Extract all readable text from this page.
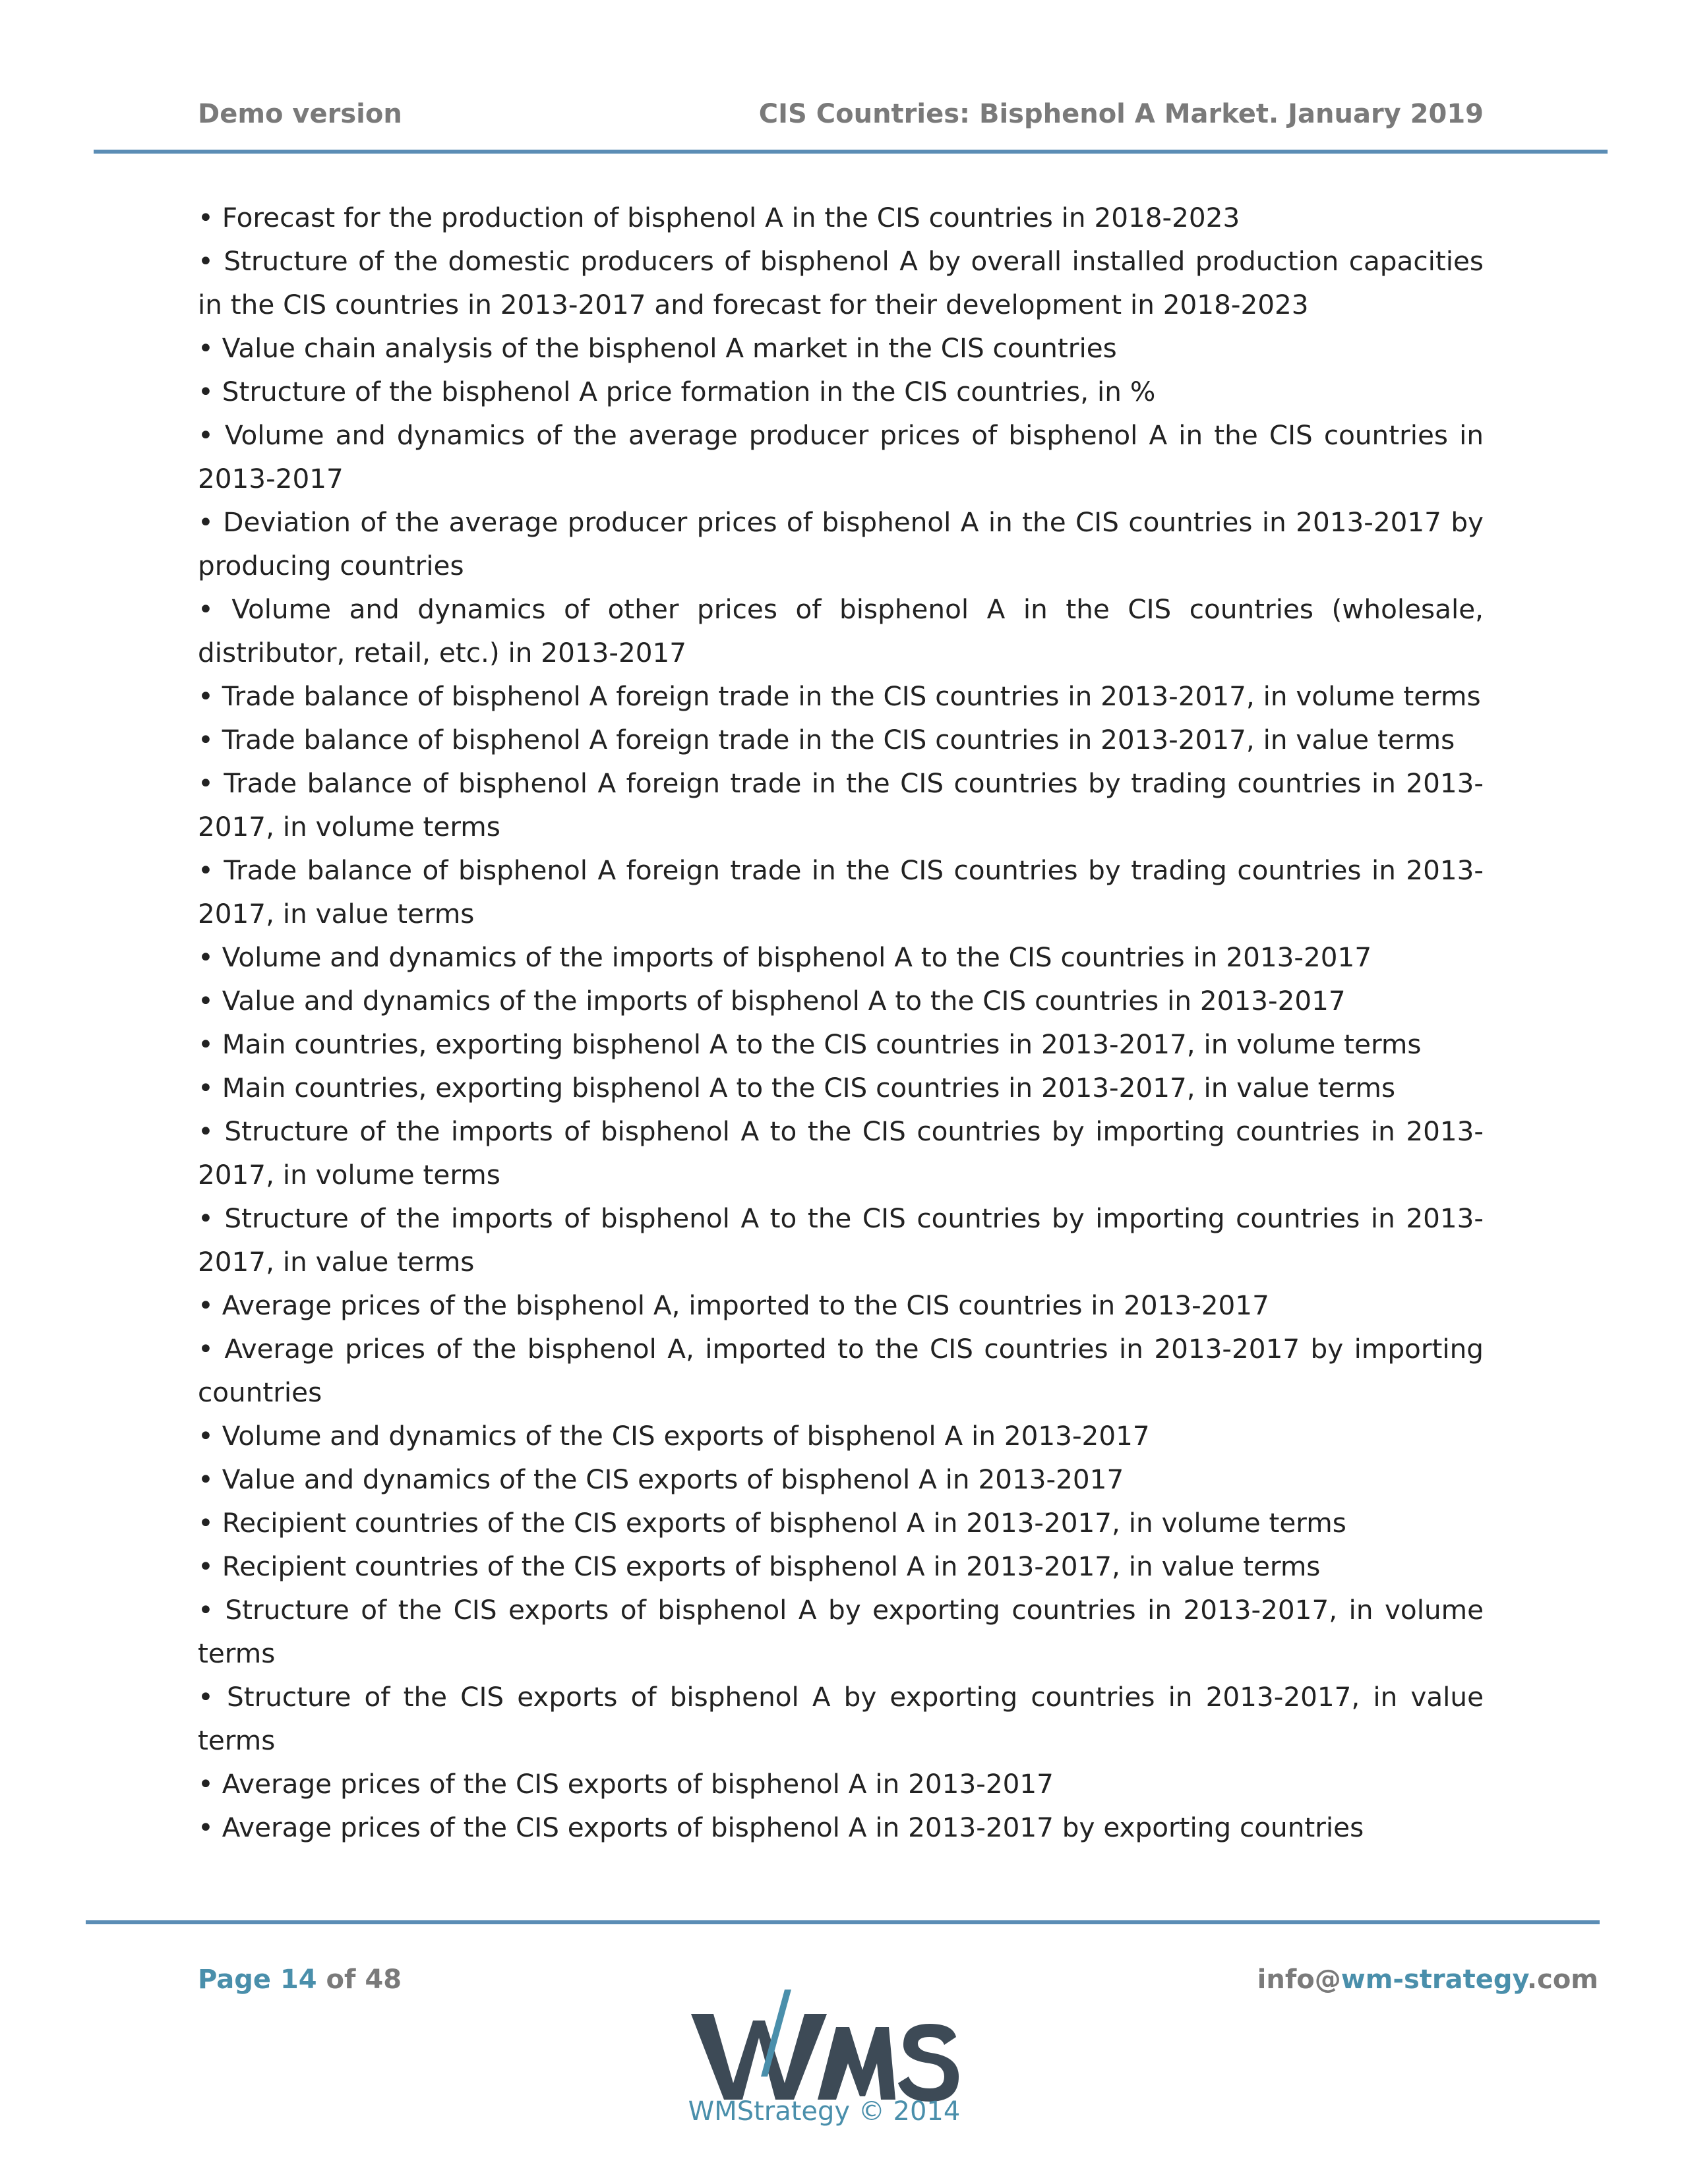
Demo version	CIS Countries: Bisphenol A Market. January 2019

• Forecast for the production of bisphenol A in the CIS countries in 2018-2023

• Structure of the domestic producers of bisphenol A by overall installed production capacities in the CIS countries in 2013-2017 and forecast for their development in 2018-2023

• Value chain analysis of the bisphenol A market in the CIS countries

• Structure of the bisphenol A price formation in the CIS countries, in %

• Volume and dynamics of the average producer prices of bisphenol A in the CIS countries in 2013-2017

• Deviation of the average producer prices of bisphenol A in the CIS countries in 2013-2017 by producing countries

• Volume and dynamics of other prices of bisphenol A in the CIS countries (wholesale, distributor, retail, etc.) in 2013-2017

• Trade balance of bisphenol A foreign trade in the CIS countries in 2013-2017, in volume terms

• Trade balance of bisphenol A foreign trade in the CIS countries in 2013-2017, in value terms

• Trade balance of bisphenol A foreign trade in the CIS countries by trading countries in 2013-2017, in volume terms

• Trade balance of bisphenol A foreign trade in the CIS countries by trading countries in 2013-2017, in value terms

• Volume and dynamics of the imports of bisphenol A to the CIS countries in 2013-2017

• Value and dynamics of the imports of bisphenol A to the CIS countries in 2013-2017

• Main countries, exporting bisphenol A to the CIS countries in 2013-2017, in volume terms

• Main countries, exporting bisphenol A to the CIS countries in 2013-2017, in value terms

• Structure of the imports of bisphenol A to the CIS countries by importing countries in 2013-2017, in volume terms

• Structure of the imports of bisphenol A to the CIS countries by importing countries in 2013-2017, in value terms

• Average prices of the bisphenol A, imported to the CIS countries in 2013-2017

• Average prices of the bisphenol A, imported to the CIS countries in 2013-2017 by importing countries

• Volume and dynamics of the CIS exports of bisphenol A in 2013-2017

• Value and dynamics of the CIS exports of bisphenol A in 2013-2017

• Recipient countries of the CIS exports of bisphenol A in 2013-2017, in volume terms

• Recipient countries of the CIS exports of bisphenol A in 2013-2017, in value terms

• Structure of the CIS exports of bisphenol A by exporting countries in 2013-2017, in volume terms

• Structure of the CIS exports of bisphenol A by exporting countries in 2013-2017, in value terms

• Average prices of the CIS exports of bisphenol A in 2013-2017

• Average prices of the CIS exports of bisphenol A in 2013-2017 by exporting countries

Page 14 of 48	info@wm-strategy.com
WMStrategy © 2014
